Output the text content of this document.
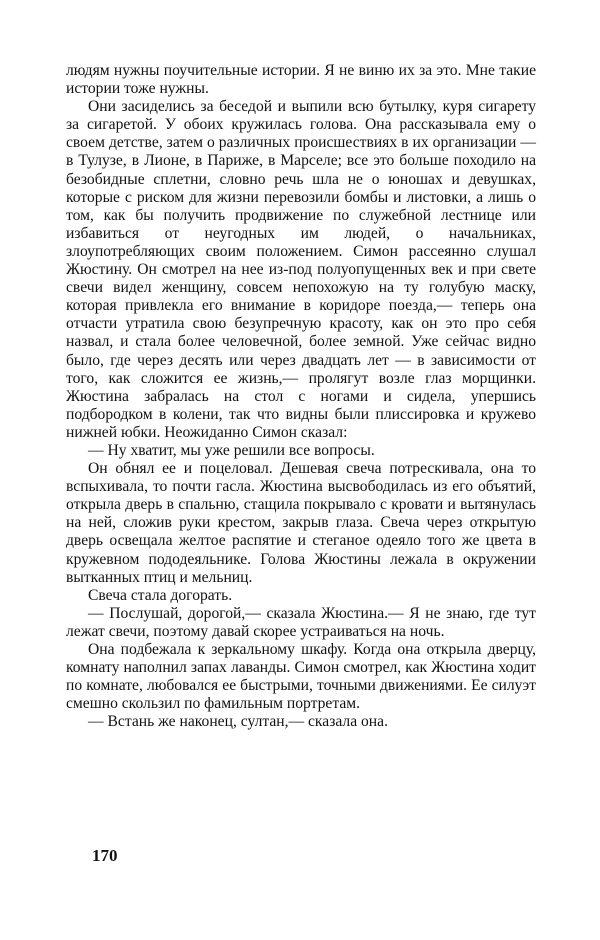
людям нужны поучительные истории. Я не виню их за это. Мне такие истории тоже нужны.

Они засиделись за беседой и выпили всю бутылку, куря сигарету за сигаретой. У обоих кружилась голова. Она рассказывала ему о своем детстве, затем о различных происшествиях в их организации — в Тулузе, в Лионе, в Париже, в Марселе; все это больше походило на безобидные сплетни, словно речь шла не о юношах и девушках, которые с риском для жизни перевозили бомбы и листовки, а лишь о том, как бы получить продвижение по служебной лестнице или избавиться от неугодных им людей, о начальниках, злоупотребляющих своим положением. Симон рассеянно слушал Жюстину. Он смотрел на нее из-под полуопущенных век и при свете свечи видел женщину, совсем непохожую на ту голубую маску, которая привлекла его внимание в коридоре поезда,— теперь она отчасти утратила свою безупречную красоту, как он это про себя назвал, и стала более человечной, более земной. Уже сейчас видно было, где через десять или через двадцать лет — в зависимости от того, как сложится ее жизнь,— пролягут возле глаз морщинки. Жюстина забралась на стол с ногами и сидела, упершись подбородком в колени, так что видны были плиссировка и кружево нижней юбки. Неожиданно Симон сказал:

— Ну хватит, мы уже решили все вопросы.

Он обнял ее и поцеловал. Дешевая свеча потрескивала, она то вспыхивала, то почти гасла. Жюстина высвободилась из его объятий, открыла дверь в спальню, стащила покрывало с кровати и вытянулась на ней, сложив руки крестом, закрыв глаза. Свеча через открытую дверь освещала желтое распятие и стеганое одеяло того же цвета в кружевном пододеяльнике. Голова Жюстины лежала в окружении вытканных птиц и мельниц.

Свеча стала догорать.

— Послушай, дорогой,— сказала Жюстина.— Я не знаю, где тут лежат свечи, поэтому давай скорее устраиваться на ночь.

Она подбежала к зеркальному шкафу. Когда она открыла дверцу, комнату наполнил запах лаванды. Симон смотрел, как Жюстина ходит по комнате, любовался ее быстрыми, точными движениями. Ее силуэт смешно скользил по фамильным портретам.

— Встань же наконец, султан,— сказала она.

170
